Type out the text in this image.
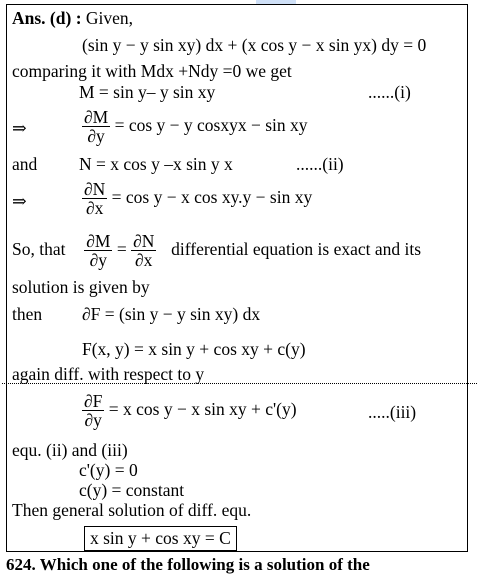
Ans. (d) : Given,
(sin y − y sin xy) dx + (x cos y − x sin yx) dy = 0
comparing it with Mdx +Ndy =0 we get
M = sin y– y sin xy	......(i)
⇒	$\frac{\partial M}{\partial y} = \cos y - y$ cosxyx − sin xy
and N = x cos y –x sin y x	......(ii)
⇒	$\frac{\partial N}{\partial x} = \cos y - x$ cos xy.y − sin xy
So, that $\frac{\partial M}{\partial y} = \frac{\partial N}{\partial x}$ differential equation is exact and its
solution is given by
then ∂F = (sin y − y sin xy) dx
F(x, y) = x sin y + cos xy + c(y)
again diff. with respect to y
$\frac{\partial F}{\partial y} = x$ cos y − x sin xy + c'(y)	.....(iii)
equ. (ii) and (iii)
c'(y) = 0
c(y) = constant
Then general solution of diff. equ.
x sin y + cos xy = C
624. Which one of the following is a solution of the
